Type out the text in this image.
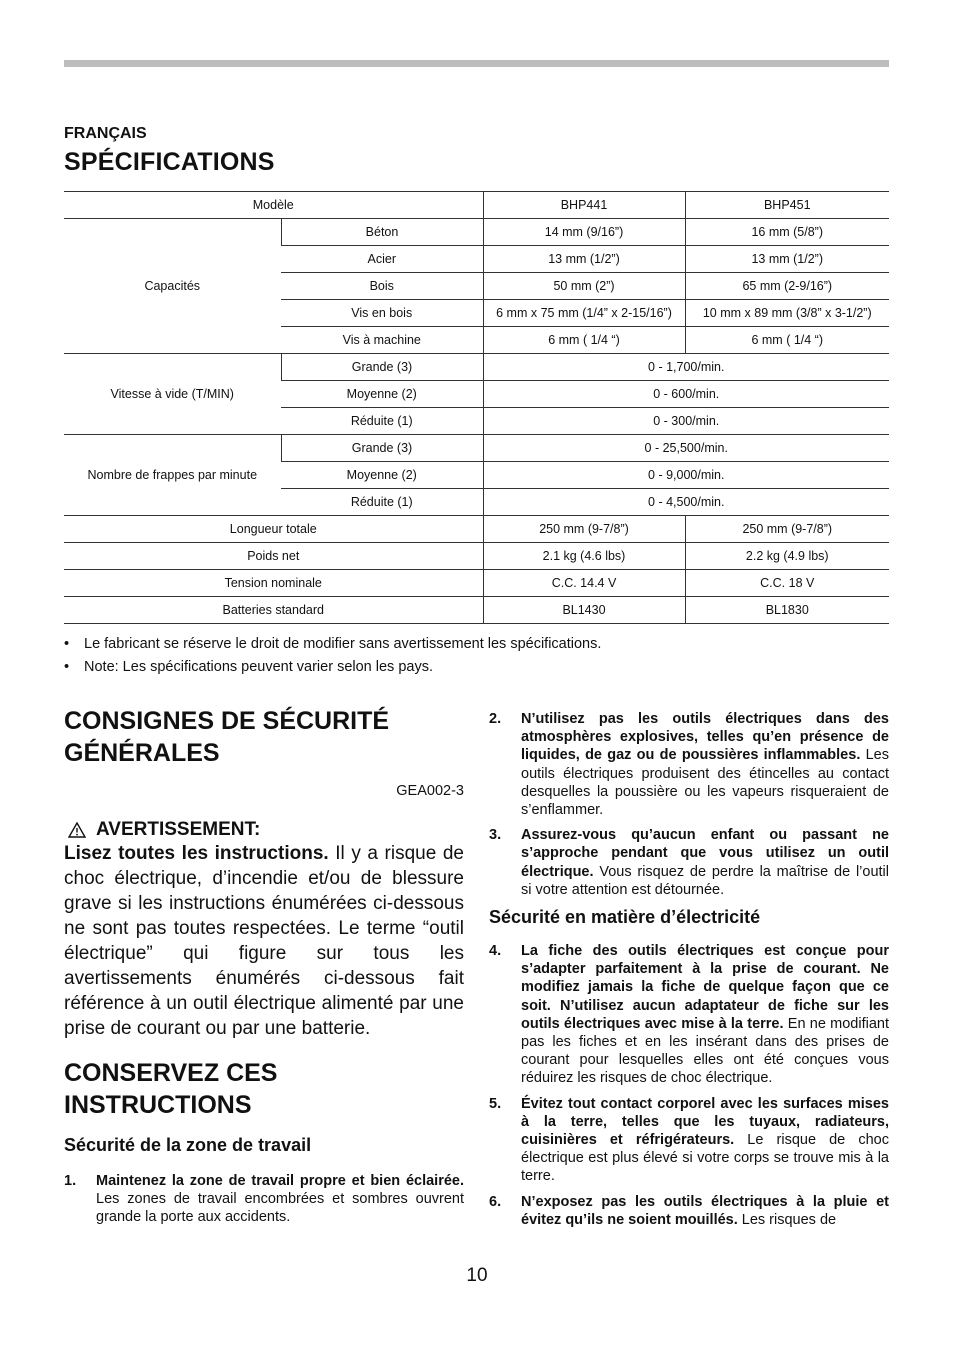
FRANÇAIS
SPÉCIFICATIONS
Modèle		BHP441	BHP451
Capacités	Béton	14 mm (9/16”)	16 mm (5/8”)
	Acier	13 mm (1/2”)	13 mm (1/2”)
	Bois	50 mm (2”)	65 mm (2-9/16”)
	Vis en bois	6 mm x 75 mm (1/4” x 2-15/16”)	10 mm x 89 mm (3/8” x 3-1/2”)
	Vis à machine	6 mm ( 1/4 “)	6 mm ( 1/4 “)
Vitesse à vide (T/MIN)	Grande (3)	0 - 1,700/min.	
	Moyenne (2)	0 - 600/min.	
	Réduite (1)	0 - 300/min.	
Nombre de frappes par minute	Grande (3)	0 - 25,500/min.	
	Moyenne (2)	0 - 9,000/min.	
	Réduite (1)	0 - 4,500/min.	
Longueur totale		250 mm (9-7/8”)	250 mm (9-7/8”)
Poids net		2.1 kg (4.6 lbs)	2.2 kg (4.9 lbs)
Tension nominale		C.C. 14.4 V	C.C. 18 V
Batteries standard		BL1430	BL1830
• Le fabricant se réserve le droit de modifier sans avertissement les spécifications.
• Note: Les spécifications peuvent varier selon les pays.
CONSIGNES DE SÉCURITÉ
GÉNÉRALES
GEA002-3
AVERTISSEMENT:
Lisez toutes les instructions. Il y a risque de choc électrique, d’incendie et/ou de blessure grave si les instructions énumérées ci-dessous ne sont pas toutes respectées. Le terme “outil électrique” qui figure sur tous les avertissements énumérés ci-dessous fait référence à un outil électrique alimenté par une prise de courant ou par une batterie.
CONSERVEZ CES
INSTRUCTIONS
Sécurité de la zone de travail
1.	Maintenez la zone de travail propre et bien éclairée. Les zones de travail encombrées et sombres ouvrent grande la porte aux accidents.
2.	N’utilisez pas les outils électriques dans des atmosphères explosives, telles qu’en présence de liquides, de gaz ou de poussières inflammables. Les outils électriques produisent des étincelles au contact desquelles la poussière ou les vapeurs risqueraient de s’enflammer.
3.	Assurez-vous qu’aucun enfant ou passant ne s’approche pendant que vous utilisez un outil électrique. Vous risquez de perdre la maîtrise de l’outil si votre attention est détournée.
Sécurité en matière d’électricité
4.	La fiche des outils électriques est conçue pour s’adapter parfaitement à la prise de courant. Ne modifiez jamais la fiche de quelque façon que ce soit. N’utilisez aucun adaptateur de fiche sur les outils électriques avec mise à la terre. En ne modifiant pas les fiches et en les insérant dans des prises de courant pour lesquelles elles ont été conçues vous réduirez les risques de choc électrique.
5.	Évitez tout contact corporel avec les surfaces mises à la terre, telles que les tuyaux, radiateurs, cuisinières et réfrigérateurs. Le risque de choc électrique est plus élevé si votre corps se trouve mis à la terre.
6.	N’exposez pas les outils électriques à la pluie et évitez qu’ils ne soient mouillés. Les risques de
10
